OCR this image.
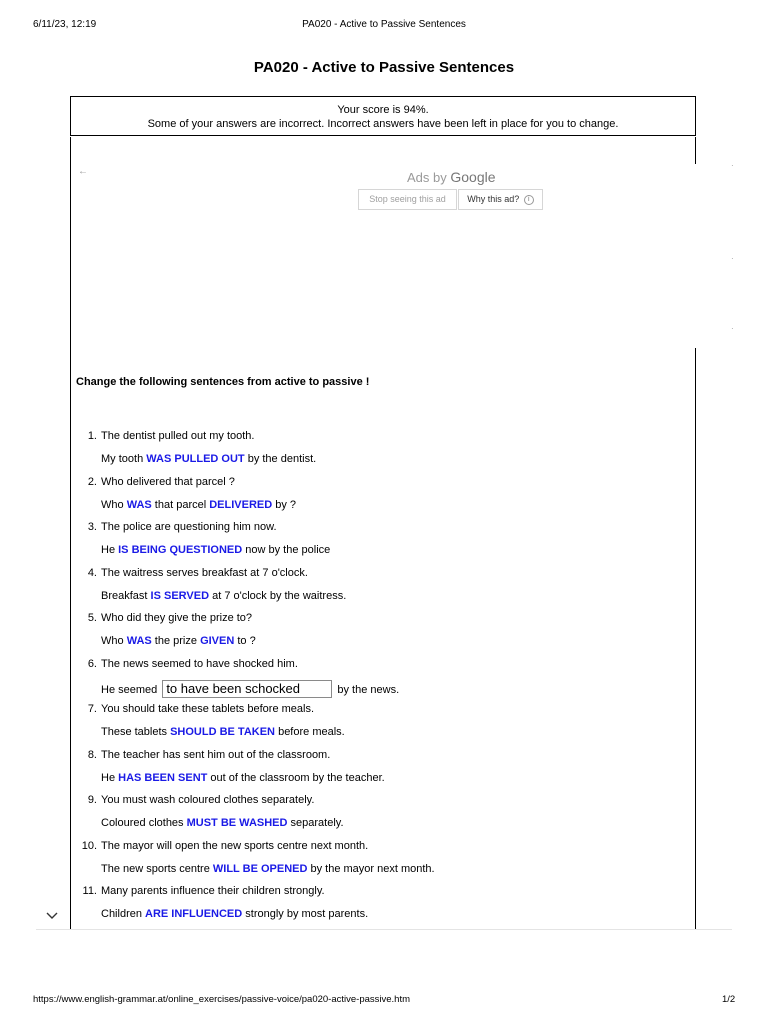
6/11/23, 12:19	PA020 - Active to Passive Sentences
PA020 - Active to Passive Sentences
Your score is 94%.
Some of your answers are incorrect. Incorrect answers have been left in place for you to change.
←	Ads by Google
Stop seeing this ad	Why this ad? i
·
·
·
Change the following sentences from active to passive !
1. The dentist pulled out my tooth.
My tooth WAS PULLED OUT by the dentist.
2. Who delivered that parcel ?
Who WAS that parcel DELIVERED by ?
3. The police are questioning him now.
He IS BEING QUESTIONED now by the police
4. The waitress serves breakfast at 7 o'clock.
Breakfast IS SERVED at 7 o'clock by the waitress.
5. Who did they give the prize to?
Who WAS the prize GIVEN to ?
6. The news seemed to have shocked him.
He seemed to have been schocked	by the news.
7. You should take these tablets before meals.
These tablets SHOULD BE TAKEN before meals.
8. The teacher has sent him out of the classroom.
He HAS BEEN SENT out of the classroom by the teacher.
9. You must wash coloured clothes separately.
Coloured clothes MUST BE WASHED separately.
10. The mayor will open the new sports centre next month.
The new sports centre WILL BE OPENED by the mayor next month.
11. Many parents influence their children strongly.
Children ARE INFLUENCED strongly by most parents.
https://www.english-grammar.at/online_exercises/passive-voice/pa020-active-passive.htm	1/2
